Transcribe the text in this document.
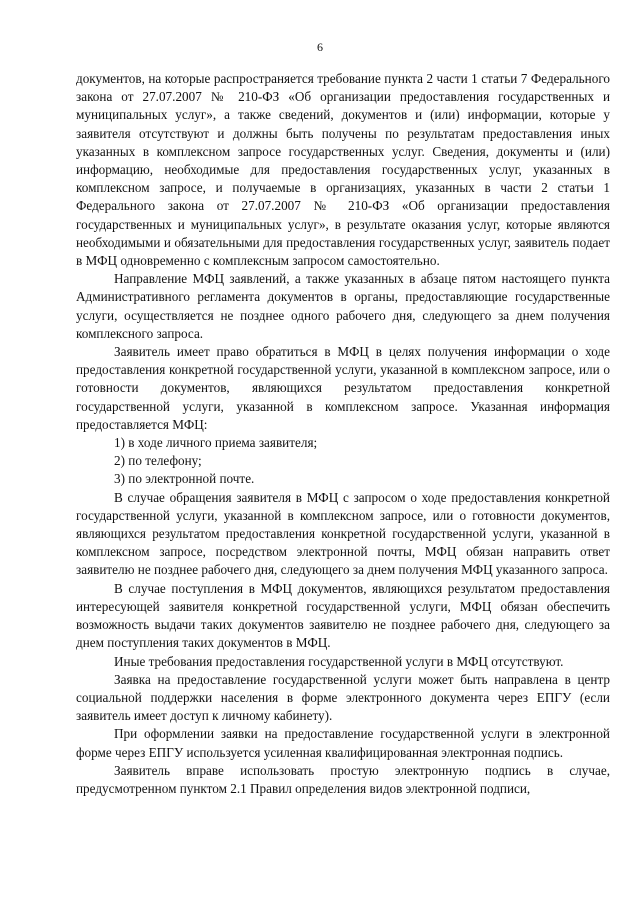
6

документов, на которые распространяется требование пункта 2 части 1 статьи 7 Федерального закона от 27.07.2007 № 210-ФЗ «Об организации предоставления государственных и муниципальных услуг», а также сведений, документов и (или) информации, которые у заявителя отсутствуют и должны быть получены по результатам предоставления иных указанных в комплексном запросе государственных услуг. Сведения, документы и (или) информацию, необходимые для предоставления государственных услуг, указанных в комплексном запросе, и получаемые в организациях, указанных в части 2 статьи 1 Федерального закона от 27.07.2007 № 210-ФЗ «Об организации предоставления государственных и муниципальных услуг», в результате оказания услуг, которые являются необходимыми и обязательными для предоставления государственных услуг, заявитель подает в МФЦ одновременно с комплексным запросом самостоятельно.

Направление МФЦ заявлений, а также указанных в абзаце пятом настоящего пункта Административного регламента документов в органы, предоставляющие государственные услуги, осуществляется не позднее одного рабочего дня, следующего за днем получения комплексного запроса.

Заявитель имеет право обратиться в МФЦ в целях получения информации о ходе предоставления конкретной государственной услуги, указанной в комплексном запросе, или о готовности документов, являющихся результатом предоставления конкретной государственной услуги, указанной в комплексном запросе. Указанная информация предоставляется МФЦ:

1) в ходе личного приема заявителя;

2) по телефону;

3) по электронной почте.

В случае обращения заявителя в МФЦ с запросом о ходе предоставления конкретной государственной услуги, указанной в комплексном запросе, или о готовности документов, являющихся результатом предоставления конкретной государственной услуги, указанной в комплексном запросе, посредством электронной почты, МФЦ обязан направить ответ заявителю не позднее рабочего дня, следующего за днем получения МФЦ указанного запроса.

В случае поступления в МФЦ документов, являющихся результатом предоставления интересующей заявителя конкретной государственной услуги, МФЦ обязан обеспечить возможность выдачи таких документов заявителю не позднее рабочего дня, следующего за днем поступления таких документов в МФЦ.

Иные требования предоставления государственной услуги в МФЦ отсутствуют.

Заявка на предоставление государственной услуги может быть направлена в центр социальной поддержки населения в форме электронного документа через ЕПГУ (если заявитель имеет доступ к личному кабинету).

При оформлении заявки на предоставление государственной услуги в электронной форме через ЕПГУ используется усиленная квалифицированная электронная подпись.

Заявитель вправе использовать простую электронную подпись в случае, предусмотренном пунктом 2.1 Правил определения видов электронной подписи,
